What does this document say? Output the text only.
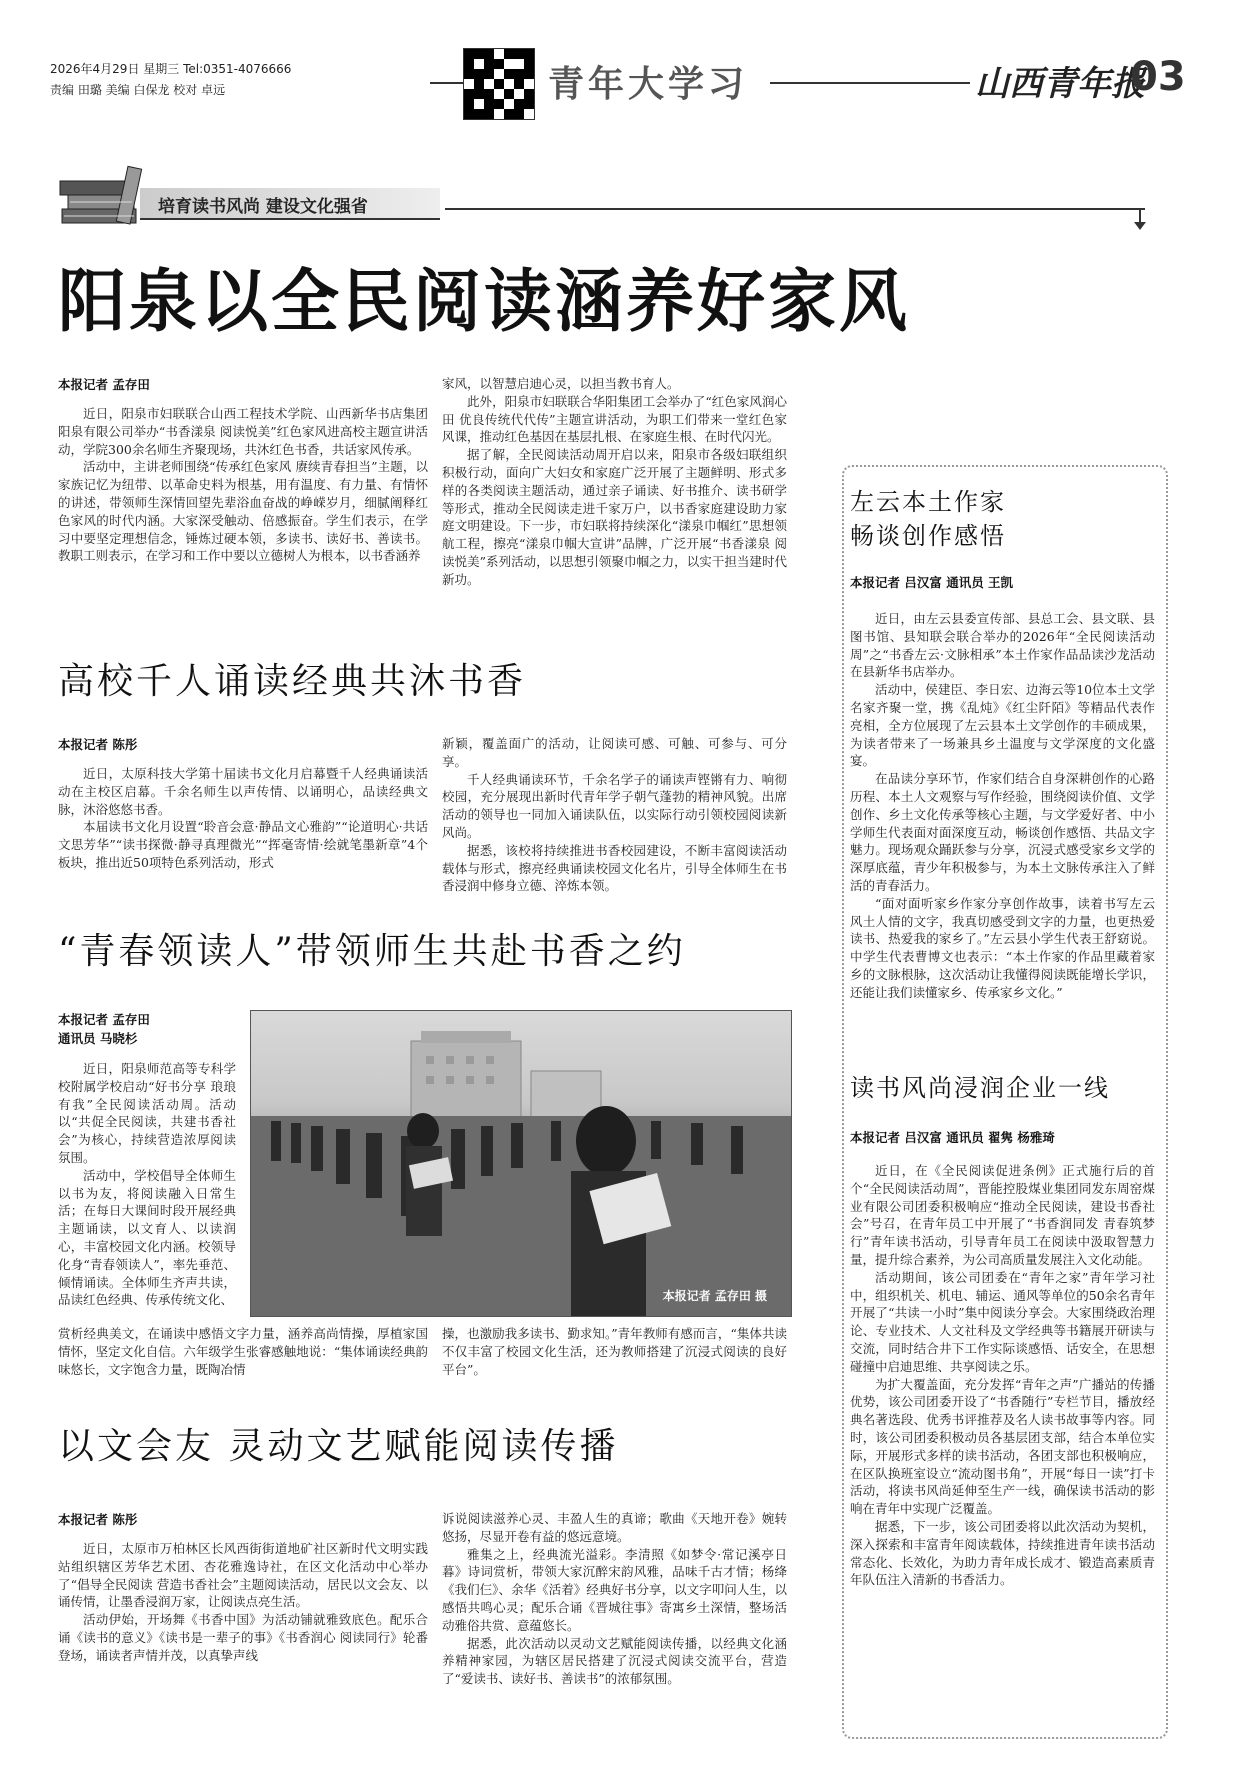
2026年4月29日 星期三 Tel:0351-4076666
责编 田璐 美编 白保龙 校对 卓远	青年大学习	山西青年报
03
培育读书风尚 建设文化强省
阳泉以全民阅读涵养好家风
本报记者 孟存田

近日，阳泉市妇联联合山西工程技术学院、山西新华书店集团阳泉有限公司举办“书香漾泉 阅读悦美”红色家风进高校主题宣讲活动，学院300余名师生齐聚现场，共沐红色书香，共话家风传承。

活动中，主讲老师围绕“传承红色家风 赓续青春担当”主题，以家族记忆为纽带、以革命史料为根基，用有温度、有力量、有情怀的讲述，带领师生深情回望先辈浴血奋战的峥嵘岁月，细腻阐释红色家风的时代内涵。大家深受触动、倍感振奋。学生们表示，在学习中要坚定理想信念，锤炼过硬本领，多读书、读好书、善读书。教职工则表示，在学习和工作中要以立德树人为根本，以书香涵养

家风，以智慧启迪心灵，以担当教书育人。

此外，阳泉市妇联联合华阳集团工会举办了“红色家风润心田 优良传统代代传”主题宣讲活动，为职工们带来一堂红色家风课，推动红色基因在基层扎根、在家庭生根、在时代闪光。

据了解，全民阅读活动周开启以来，阳泉市各级妇联组织积极行动，面向广大妇女和家庭广泛开展了主题鲜明、形式多样的各类阅读主题活动，通过亲子诵读、好书推介、读书研学等形式，推动全民阅读走进千家万户，以书香家庭建设助力家庭文明建设。下一步，市妇联将持续深化“漾泉巾帼红”思想领航工程，擦亮“漾泉巾帼大宣讲”品牌，广泛开展“书香漾泉 阅读悦美”系列活动，以思想引领聚巾帼之力，以实干担当建时代新功。

高校千人诵读经典共沐书香
本报记者 陈彤

近日，太原科技大学第十届读书文化月启幕暨千人经典诵读活动在主校区启幕。千余名师生以声传情、以诵明心，品读经典文脉，沐浴悠悠书香。

本届读书文化月设置“聆音会意·静品文心雅韵”“论道明心·共话文思芳华”“读书探微·静寻真理微光”“挥毫寄情·绘就笔墨新章”4个板块，推出近50项特色系列活动，形式

新颖，覆盖面广的活动，让阅读可感、可触、可参与、可分享。

千人经典诵读环节，千余名学子的诵读声铿锵有力、响彻校园，充分展现出新时代青年学子朝气蓬勃的精神风貌。出席活动的领导也一同加入诵读队伍，以实际行动引领校园阅读新风尚。

据悉，该校将持续推进书香校园建设，不断丰富阅读活动载体与形式，擦亮经典诵读校园文化名片，引导全体师生在书香浸润中修身立德、淬炼本领。

“青春领读人”带领师生共赴书香之约
本报记者 孟存田
通讯员 马晓杉

近日，阳泉师范高等专科学校附属学校启动“好书分享 琅琅有我”全民阅读活动周。活动以“共促全民阅读，共建书香社会”为核心，持续营造浓厚阅读氛围。

活动中，学校倡导全体师生以书为友，将阅读融入日常生活；在每日大课间时段开展经典主题诵读，以文育人、以读润心，丰富校园文化内涵。校领导化身“青春领读人”，率先垂范、倾情诵读。全体师生齐声共读，品读红色经典、传承传统文化、	本报记者 孟存田 摄
赏析经典美文，在诵读中感悟文字力量，涵养高尚情操，厚植家国情怀，坚定文化自信。六年级学生张睿感触地说：“集体诵读经典韵味悠长，文字饱含力量，既陶冶情
操，也激励我多读书、勤求知。”青年教师有感而言，“集体共读不仅丰富了校园文化生活，还为教师搭建了沉浸式阅读的良好平台”。
以文会友 灵动文艺赋能阅读传播
本报记者 陈彤

近日，太原市万柏林区长风西街街道地矿社区新时代文明实践站组织辖区芳华艺术团、杏花雅逸诗社，在区文化活动中心举办了“倡导全民阅读 营造书香社会”主题阅读活动，居民以文会友、以诵传情，让墨香浸润万家，让阅读点亮生活。

活动伊始，开场舞《书香中国》为活动铺就雅致底色。配乐合诵《读书的意义》《读书是一辈子的事》《书香润心 阅读同行》轮番登场，诵读者声情并茂，以真挚声线

诉说阅读滋养心灵、丰盈人生的真谛；歌曲《天地开卷》婉转悠扬，尽显开卷有益的悠远意境。

雅集之上，经典流光溢彩。李清照《如梦令·常记溪亭日暮》诗词赏析，带领大家沉醉宋韵风雅，品味千古才情；杨绛《我们仨》、余华《活着》经典好书分享，以文字叩问人生，以感悟共鸣心灵；配乐合诵《晋城往事》寄寓乡土深情，整场活动雅俗共赏、意蕴悠长。

据悉，此次活动以灵动文艺赋能阅读传播，以经典文化涵养精神家园，为辖区居民搭建了沉浸式阅读交流平台，营造了“爱读书、读好书、善读书”的浓郁氛围。

左云本土作家
畅谈创作感悟
本报记者 吕汉富 通讯员 王凯

近日，由左云县委宣传部、县总工会、县文联、县图书馆、县知联会联合举办的2026年“全民阅读活动周”之“书香左云·文脉相承”本土作家作品品读沙龙活动在县新华书店举办。

活动中，侯建臣、李日宏、边海云等10位本土文学名家齐聚一堂，携《乱炖》《红尘阡陌》等精品代表作亮相，全方位展现了左云县本土文学创作的丰硕成果，为读者带来了一场兼具乡土温度与文学深度的文化盛宴。

在品读分享环节，作家们结合自身深耕创作的心路历程、本土人文观察与写作经验，围绕阅读价值、文学创作、乡土文化传承等核心主题，与文学爱好者、中小学师生代表面对面深度互动，畅谈创作感悟、共品文字魅力。现场观众踊跃参与分享，沉浸式感受家乡文学的深厚底蕴，青少年积极参与，为本土文脉传承注入了鲜活的青春活力。

“面对面听家乡作家分享创作故事，读着书写左云风土人情的文字，我真切感受到文字的力量，也更热爱读书、热爱我的家乡了。”左云县小学生代表王舒窈说。中学生代表曹博文也表示：“本土作家的作品里藏着家乡的文脉根脉，这次活动让我懂得阅读既能增长学识，还能让我们读懂家乡、传承家乡文化。”

读书风尚浸润企业一线
本报记者 吕汉富 通讯员 翟隽 杨雅琦

近日，在《全民阅读促进条例》正式施行后的首个“全民阅读活动周”，晋能控股煤业集团同发东周窑煤业有限公司团委积极响应“推动全民阅读，建设书香社会”号召，在青年员工中开展了“书香润同发 青春筑梦行”青年读书活动，引导青年员工在阅读中汲取智慧力量，提升综合素养，为公司高质量发展注入文化动能。

活动期间，该公司团委在“青年之家”青年学习社中，组织机关、机电、辅运、通风等单位的50余名青年开展了“共读一小时”集中阅读分享会。大家围绕政治理论、专业技术、人文社科及文学经典等书籍展开研读与交流，同时结合井下工作实际谈感悟、话安全，在思想碰撞中启迪思维、共享阅读之乐。

为扩大覆盖面，充分发挥“青年之声”广播站的传播优势，该公司团委开设了“书香随行”专栏节目，播放经典名著选段、优秀书评推荐及名人读书故事等内容。同时，该公司团委积极动员各基层团支部，结合本单位实际，开展形式多样的读书活动，各团支部也积极响应，在区队换班室设立“流动图书角”，开展“每日一读”打卡活动，将读书风尚延伸至生产一线，确保读书活动的影响在青年中实现广泛覆盖。

据悉，下一步，该公司团委将以此次活动为契机，深入探索和丰富青年阅读载体，持续推进青年读书活动常态化、长效化，为助力青年成长成才、锻造高素质青年队伍注入清新的书香活力。
